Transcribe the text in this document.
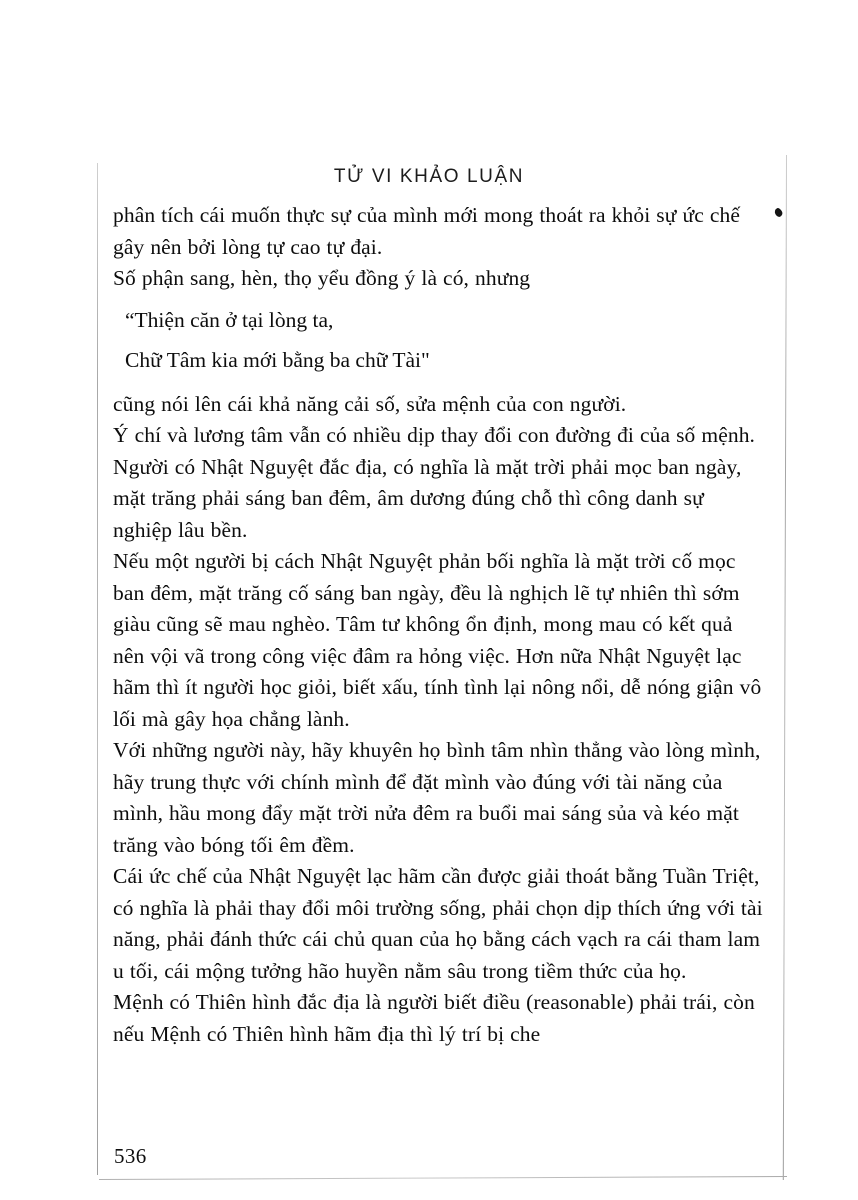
TỬ VI KHẢO LUẬN

phân tích cái muốn thực sự của mình mới mong thoát ra khỏi sự ức chế gây nên bởi lòng tự cao tự đại.

Số phận sang, hèn, thọ yểu đồng ý là có, nhưng

“Thiện căn ở tại lòng ta,

Chữ Tâm kia mới bằng ba chữ Tài"

cũng nói lên cái khả năng cải số, sửa mệnh của con người.

Ý chí và lương tâm vẫn có nhiều dịp thay đổi con đường đi của số mệnh.

Người có Nhật Nguyệt đắc địa, có nghĩa là mặt trời phải mọc ban ngày, mặt trăng phải sáng ban đêm, âm dương đúng chỗ thì công danh sự nghiệp lâu bền.

Nếu một người bị cách Nhật Nguyệt phản bối nghĩa là mặt trời cố mọc ban đêm, mặt trăng cố sáng ban ngày, đều là nghịch lẽ tự nhiên thì sớm giàu cũng sẽ mau nghèo. Tâm tư không ổn định, mong mau có kết quả nên vội vã trong công việc đâm ra hỏng việc. Hơn nữa Nhật Nguyệt lạc hãm thì ít người học giỏi, biết xấu, tính tình lại nông nổi, dễ nóng giận vô lối mà gây họa chẳng lành.

Với những người này, hãy khuyên họ bình tâm nhìn thẳng vào lòng mình, hãy trung thực với chính mình để đặt mình vào đúng với tài năng của mình, hầu mong đẩy mặt trời nửa đêm ra buổi mai sáng sủa và kéo mặt trăng vào bóng tối êm đềm.

Cái ức chế của Nhật Nguyệt lạc hãm cần được giải thoát bằng Tuần Triệt, có nghĩa là phải thay đổi môi trường sống, phải chọn dịp thích ứng với tài năng, phải đánh thức cái chủ quan của họ bằng cách vạch ra cái tham lam u tối, cái mộng tưởng hão huyền nằm sâu trong tiềm thức của họ.

Mệnh có Thiên hình đắc địa là người biết điều (reasonable) phải trái, còn nếu Mệnh có Thiên hình hãm địa thì lý trí bị che

536
